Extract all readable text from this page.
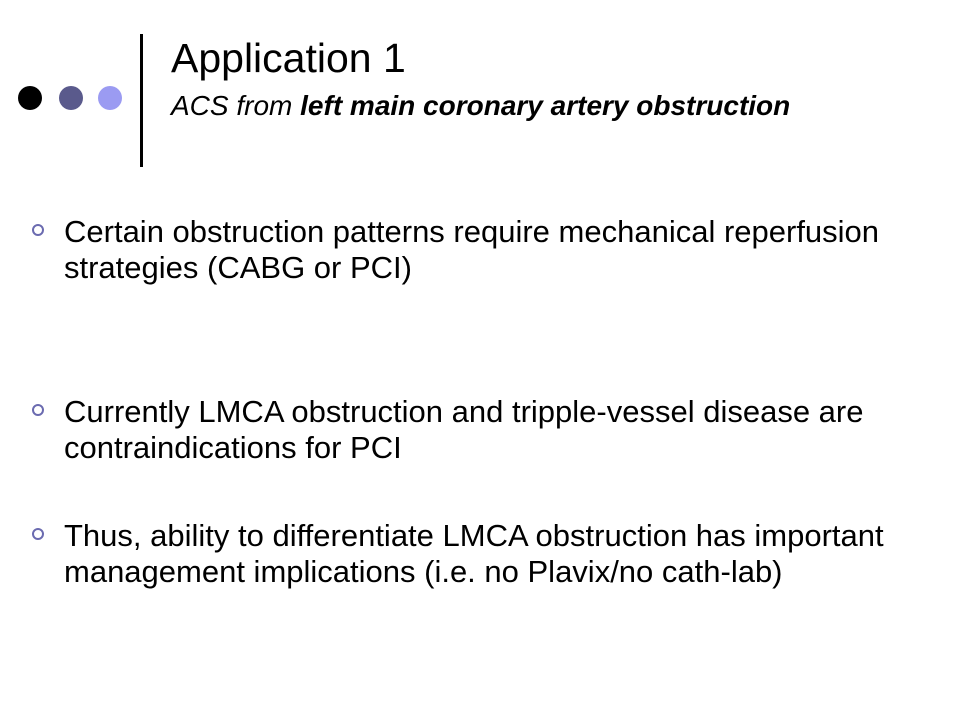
Application 1
ACS from left main coronary artery obstruction
Certain obstruction patterns require mechanical reperfusion strategies (CABG or PCI)
Currently LMCA obstruction and tripple-vessel disease are contraindications for PCI
Thus, ability to differentiate LMCA obstruction has important management implications (i.e. no Plavix/no cath-lab)
